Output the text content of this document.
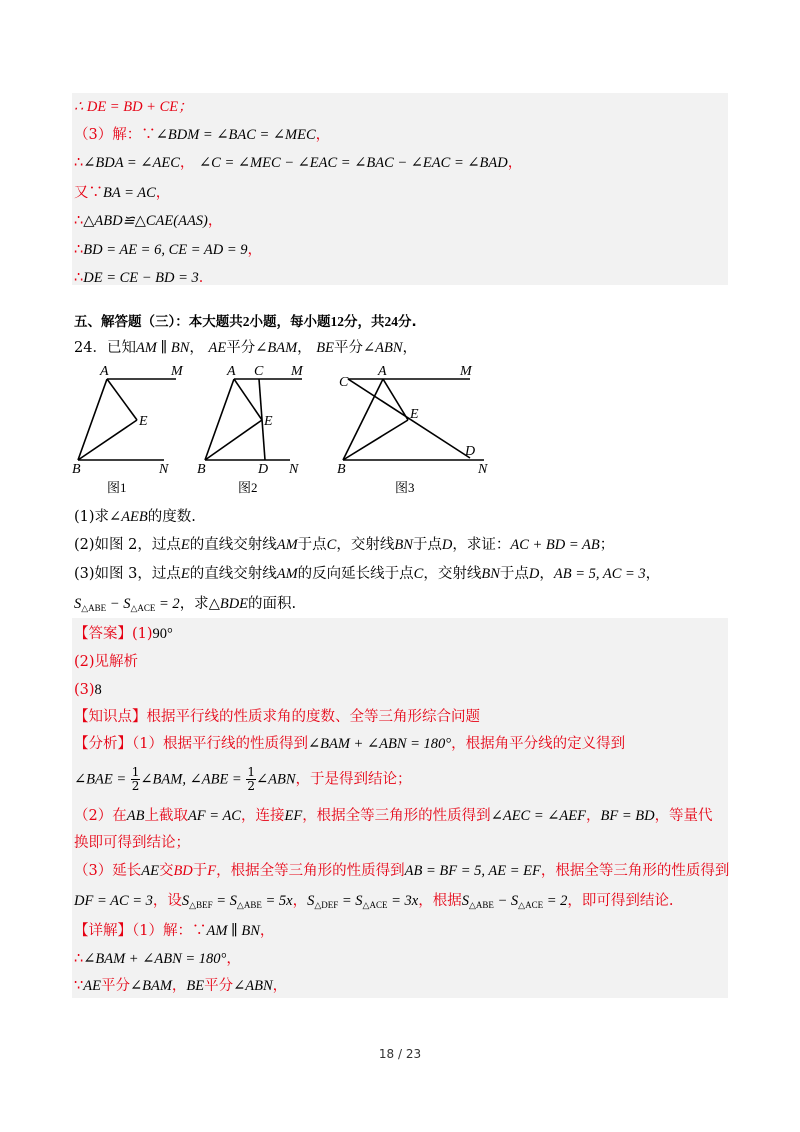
∴ DE = BD + CE；
（3）解：∵∠BDM = ∠BAC = ∠MEC，
∴∠BDA = ∠AEC， ∠C = ∠MEC − ∠EAC = ∠BAC − ∠EAC = ∠BAD，
又∵BA = AC，
∴△ABD≌△CAE(AAS)，
∴BD = AE = 6, CE = AD = 9，
∴DE = CE − BD = 3．
五、解答题（三）：本大题共2小题，每小题12分，共24分.
24．已知AM ∥ BN， AE平分∠BAM， BE平分∠ABN，
A	M
E
B	N
A C M
E
B	D N
C
A	M
E
D
B	N
图1	图2	图3
(1)求∠AEB的度数.
(2)如图 2，过点E的直线交射线AM于点C，交射线BN于点D，求证：AC + BD = AB；
(3)如图 3，过点E的直线交射线AM的反向延长线于点C，交射线BN于点D，AB = 5, AC = 3，
$S_{\triangle ABE} - S_{\triangle ACE} = 2$，求△BDE的面积.
【答案】(1)90°
(2)见解析
(3)8
【知识点】根据平行线的性质求角的度数、全等三角形综合问题
【分析】（1）根据平行线的性质得到∠BAM + ∠ABN = 180°，根据角平分线的定义得到
∠BAE = $\frac{1}{2}$ ∠BAM, ∠ABE = $\frac{1}{2}$ ∠ABN，于是得到结论；
（2）在AB上截取AF = AC，连接EF，根据全等三角形的性质得到∠AEC = ∠AEF，BF = BD，等量代
换即可得到结论；
（3）延长AE交BD于F，根据全等三角形的性质得到AB = BF = 5, AE = EF，根据全等三角形的性质得到
DF = AC = 3，设$S_{\triangle BEF} = S_{\triangle ABE} = 5x$，$S_{\triangle DEF} = S_{\triangle ACE} = 3x$，根据$S_{\triangle ABE} - S_{\triangle ACE} = 2$，即可得到结论.
【详解】（1）解：∵AM ∥ BN，
∴∠BAM + ∠ABN = 180°，
∵AE平分∠BAM，BE平分∠ABN，
18 / 23
